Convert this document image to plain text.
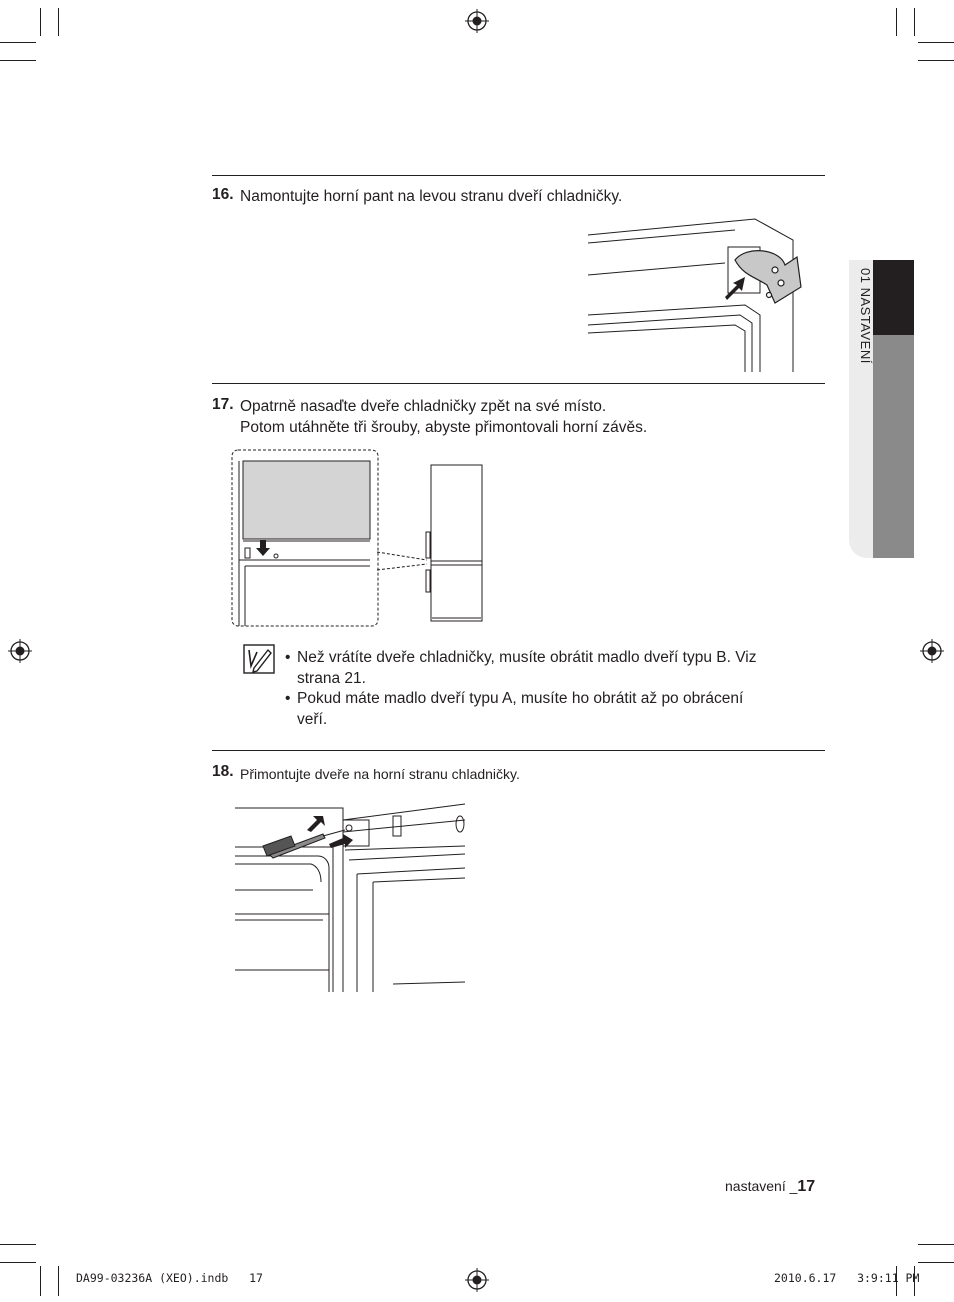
01 NASTAVENÍ
16. Namontujte horní pant na levou stranu dveří chladničky.
17. Opatrně nasaďte dveře chladničky zpět na své místo.
Potom utáhněte tři šrouby, abyste přimontovali horní závěs.
• Než vrátíte dveře chladničky, musíte obrátit madlo dveří typu B. Viz
strana 21.
• Pokud máte madlo dveří typu A, musíte ho obrátit až po obrácení
veří.
18. Přimontujte dveře na horní stranu chladničky.
nastavení _17
DA99-03236A (XEO).indb   17	2010.6.17   3:9:11 PM
